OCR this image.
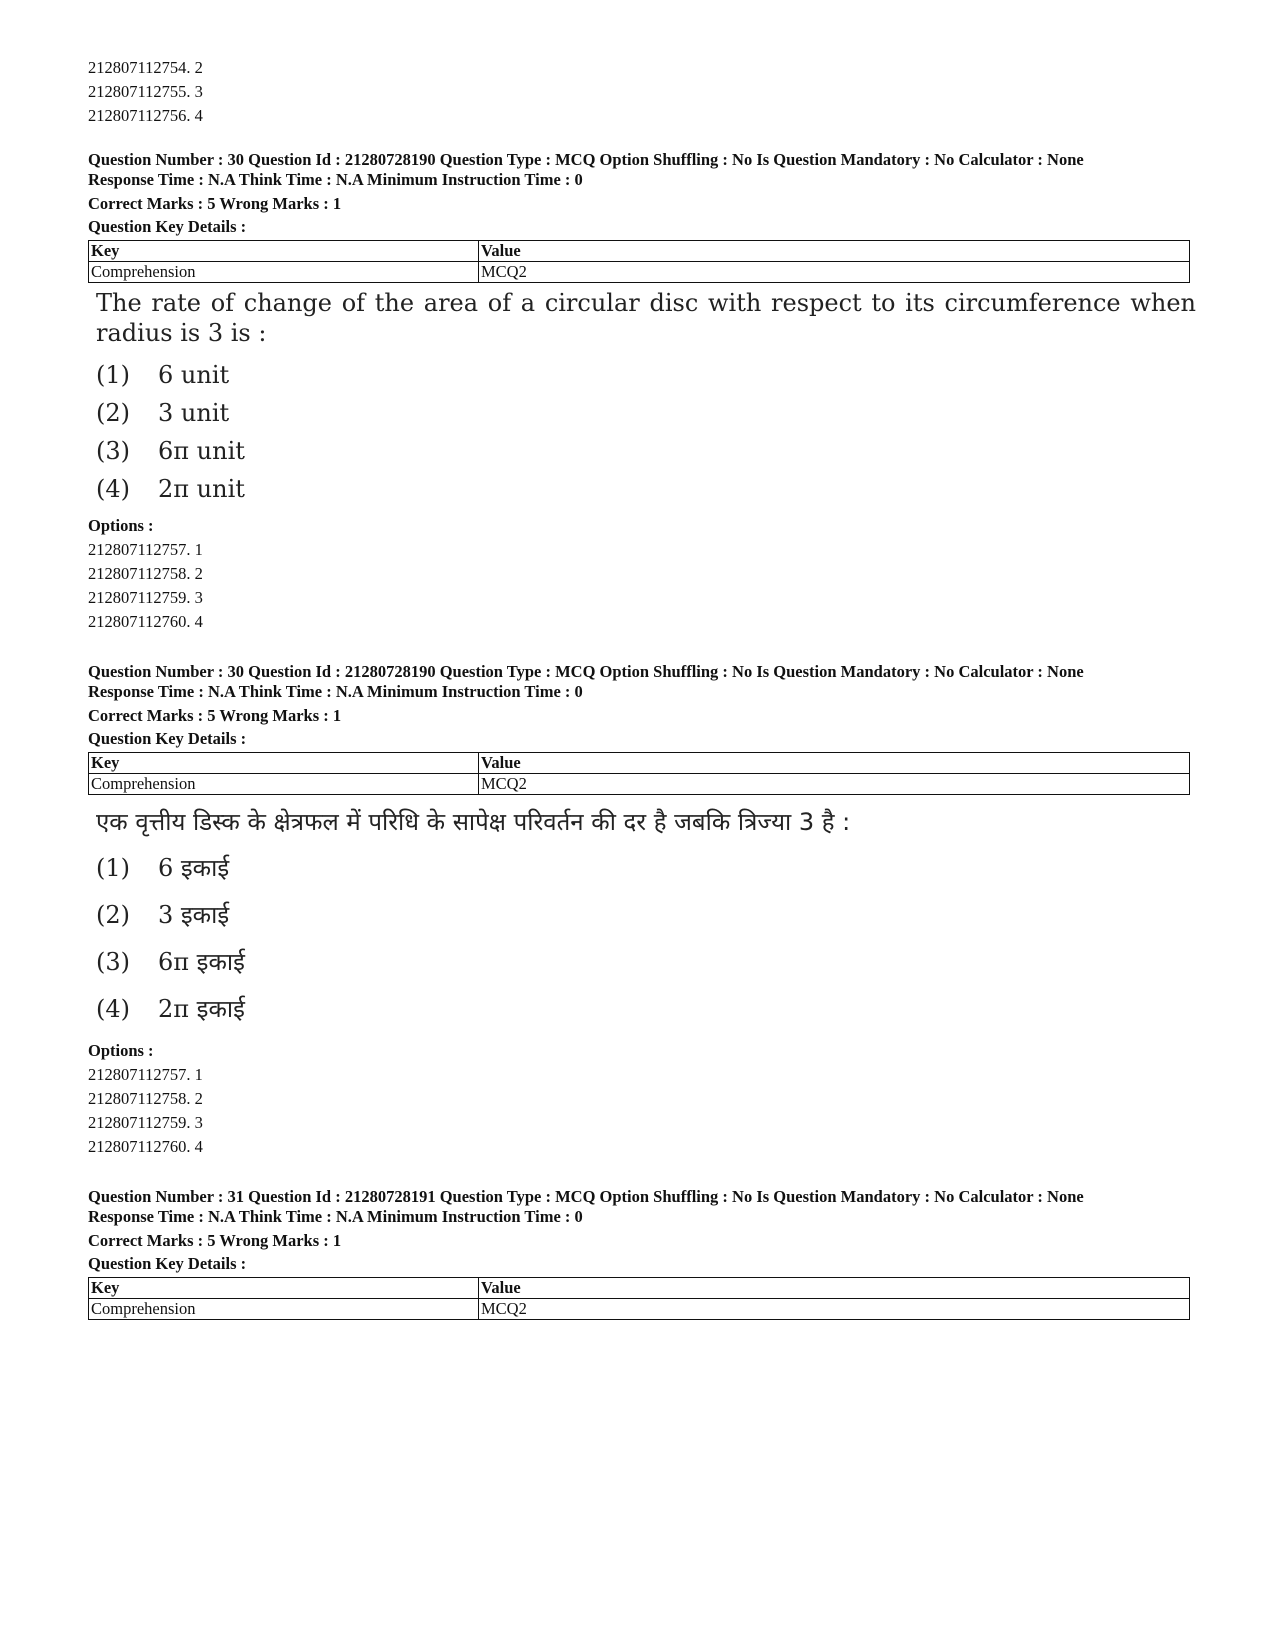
212807112754. 2
212807112755. 3
212807112756. 4
Question Number : 30 Question Id : 21280728190 Question Type : MCQ Option Shuffling : No Is Question Mandatory : No Calculator : None
Response Time : N.A Think Time : N.A Minimum Instruction Time : 0
Correct Marks : 5 Wrong Marks : 1
Question Key Details :
Key	Value
Comprehension	MCQ2
The rate of change of the area of a circular disc with respect to its circumference when radius is 3 is :
(1)	6 unit
(2)	3 unit
(3)	6π unit
(4)	2π unit
Options :
212807112757. 1
212807112758. 2
212807112759. 3
212807112760. 4
Question Number : 30 Question Id : 21280728190 Question Type : MCQ Option Shuffling : No Is Question Mandatory : No Calculator : None
Response Time : N.A Think Time : N.A Minimum Instruction Time : 0
Correct Marks : 5 Wrong Marks : 1
Question Key Details :
Key	Value
Comprehension	MCQ2
एक वृत्तीय डिस्क के क्षेत्रफल में परिधि के सापेक्ष परिवर्तन की दर है जबकि त्रिज्या 3 है :
(1)	6 इकाई
(2)	3 इकाई
(3)	6π इकाई
(4)	2π इकाई
Options :
212807112757. 1
212807112758. 2
212807112759. 3
212807112760. 4
Question Number : 31 Question Id : 21280728191 Question Type : MCQ Option Shuffling : No Is Question Mandatory : No Calculator : None
Response Time : N.A Think Time : N.A Minimum Instruction Time : 0
Correct Marks : 5 Wrong Marks : 1
Question Key Details :
Key	Value
Comprehension	MCQ2
